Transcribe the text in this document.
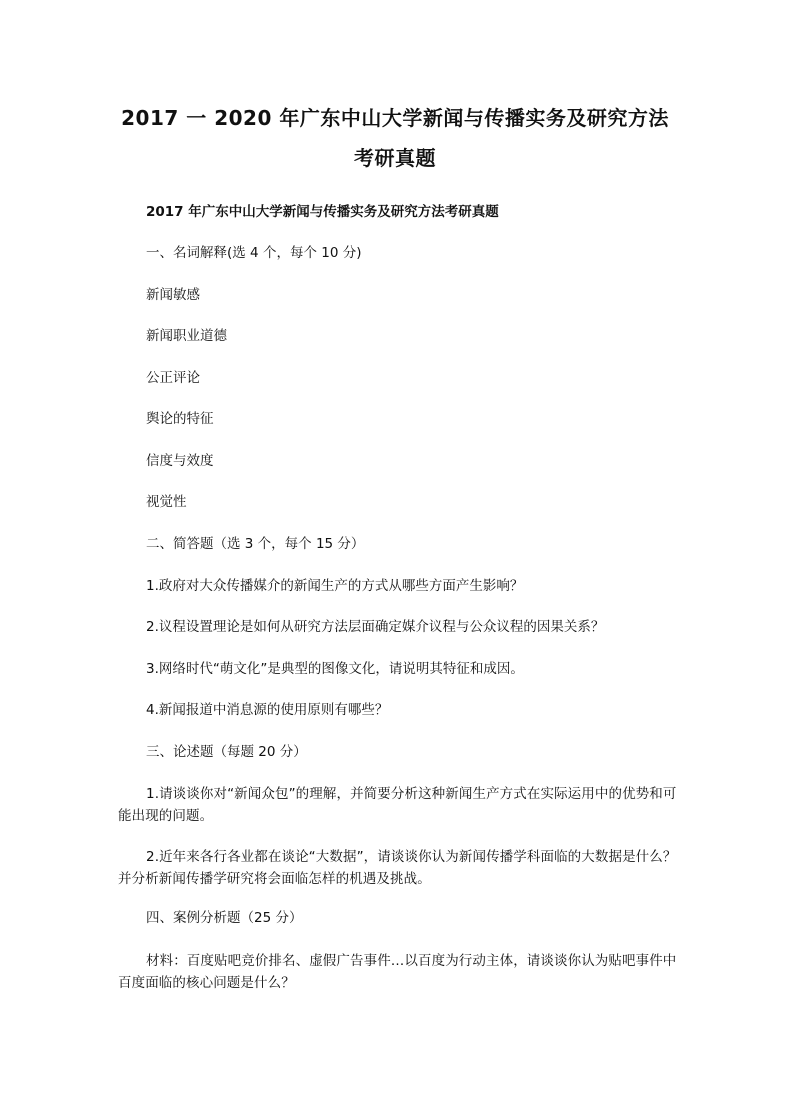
2017 一 2020 年广东中山大学新闻与传播实务及研究方法
考研真题
2017 年广东中山大学新闻与传播实务及研究方法考研真题
一、名词解释(选 4 个，每个 10 分)
新闻敏感
新闻职业道德
公正评论
舆论的特征
信度与效度
视觉性
二、简答题（选 3 个，每个 15 分）
1.政府对大众传播媒介的新闻生产的方式从哪些方面产生影响？
2.议程设置理论是如何从研究方法层面确定媒介议程与公众议程的因果关系？
3.网络时代“萌文化”是典型的图像文化，请说明其特征和成因。
4.新闻报道中消息源的使用原则有哪些？
三、论述题（每题 20 分）
1.请谈谈你对“新闻众包”的理解，并简要分析这种新闻生产方式在实际运用中的优势和可能出现的问题。
2.近年来各行各业都在谈论“大数据”，请谈谈你认为新闻传播学科面临的大数据是什么？并分析新闻传播学研究将会面临怎样的机遇及挑战。
四、案例分析题（25 分）
材料：百度贴吧竞价排名、虚假广告事件…以百度为行动主体，请谈谈你认为贴吧事件中百度面临的核心问题是什么？
